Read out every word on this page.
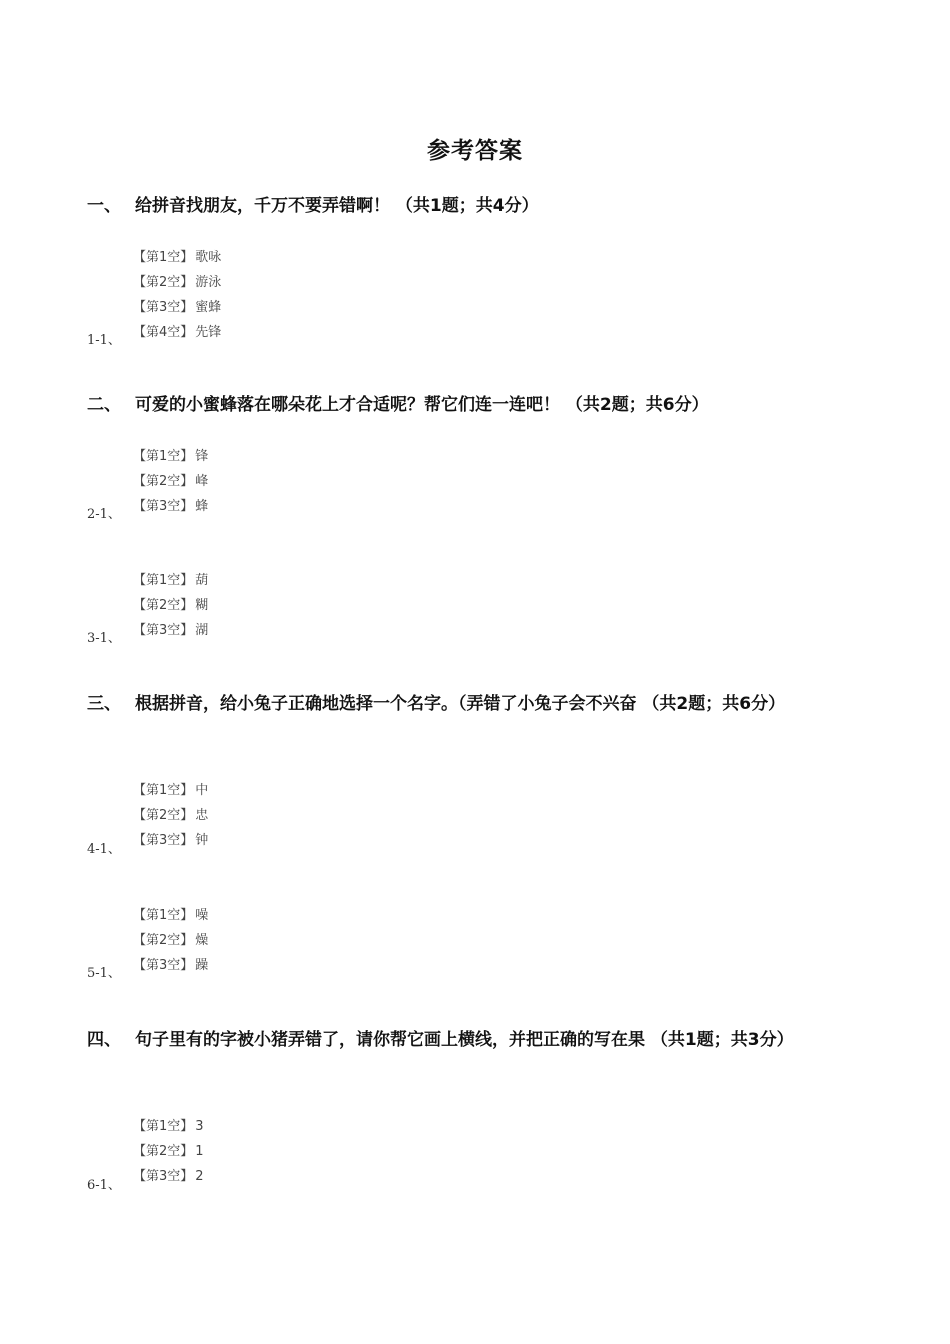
参考答案
一、 给拼音找朋友，千万不要弄错啊！ （共1题；共4分）
【第1空】 歌咏
【第2空】 游泳
【第3空】 蜜蜂
【第4空】 先锋
1-1、
二、 可爱的小蜜蜂落在哪朵花上才合适呢？帮它们连一连吧！ （共2题；共6分）
【第1空】 锋
【第2空】 峰
【第3空】 蜂
2-1、
【第1空】 葫
【第2空】 糊
【第3空】 湖
3-1、
三、 根据拼音，给小兔子正确地选择一个名字。（弄错了小兔子会不兴奋 （共2题；共6分）
【第1空】 中
【第2空】 忠
【第3空】 钟
4-1、
【第1空】 噪
【第2空】 燥
【第3空】 躁
5-1、
四、 句子里有的字被小猪弄错了，请你帮它画上横线，并把正确的写在果 （共1题；共3分）
【第1空】 3
【第2空】 1
【第3空】 2
6-1、
